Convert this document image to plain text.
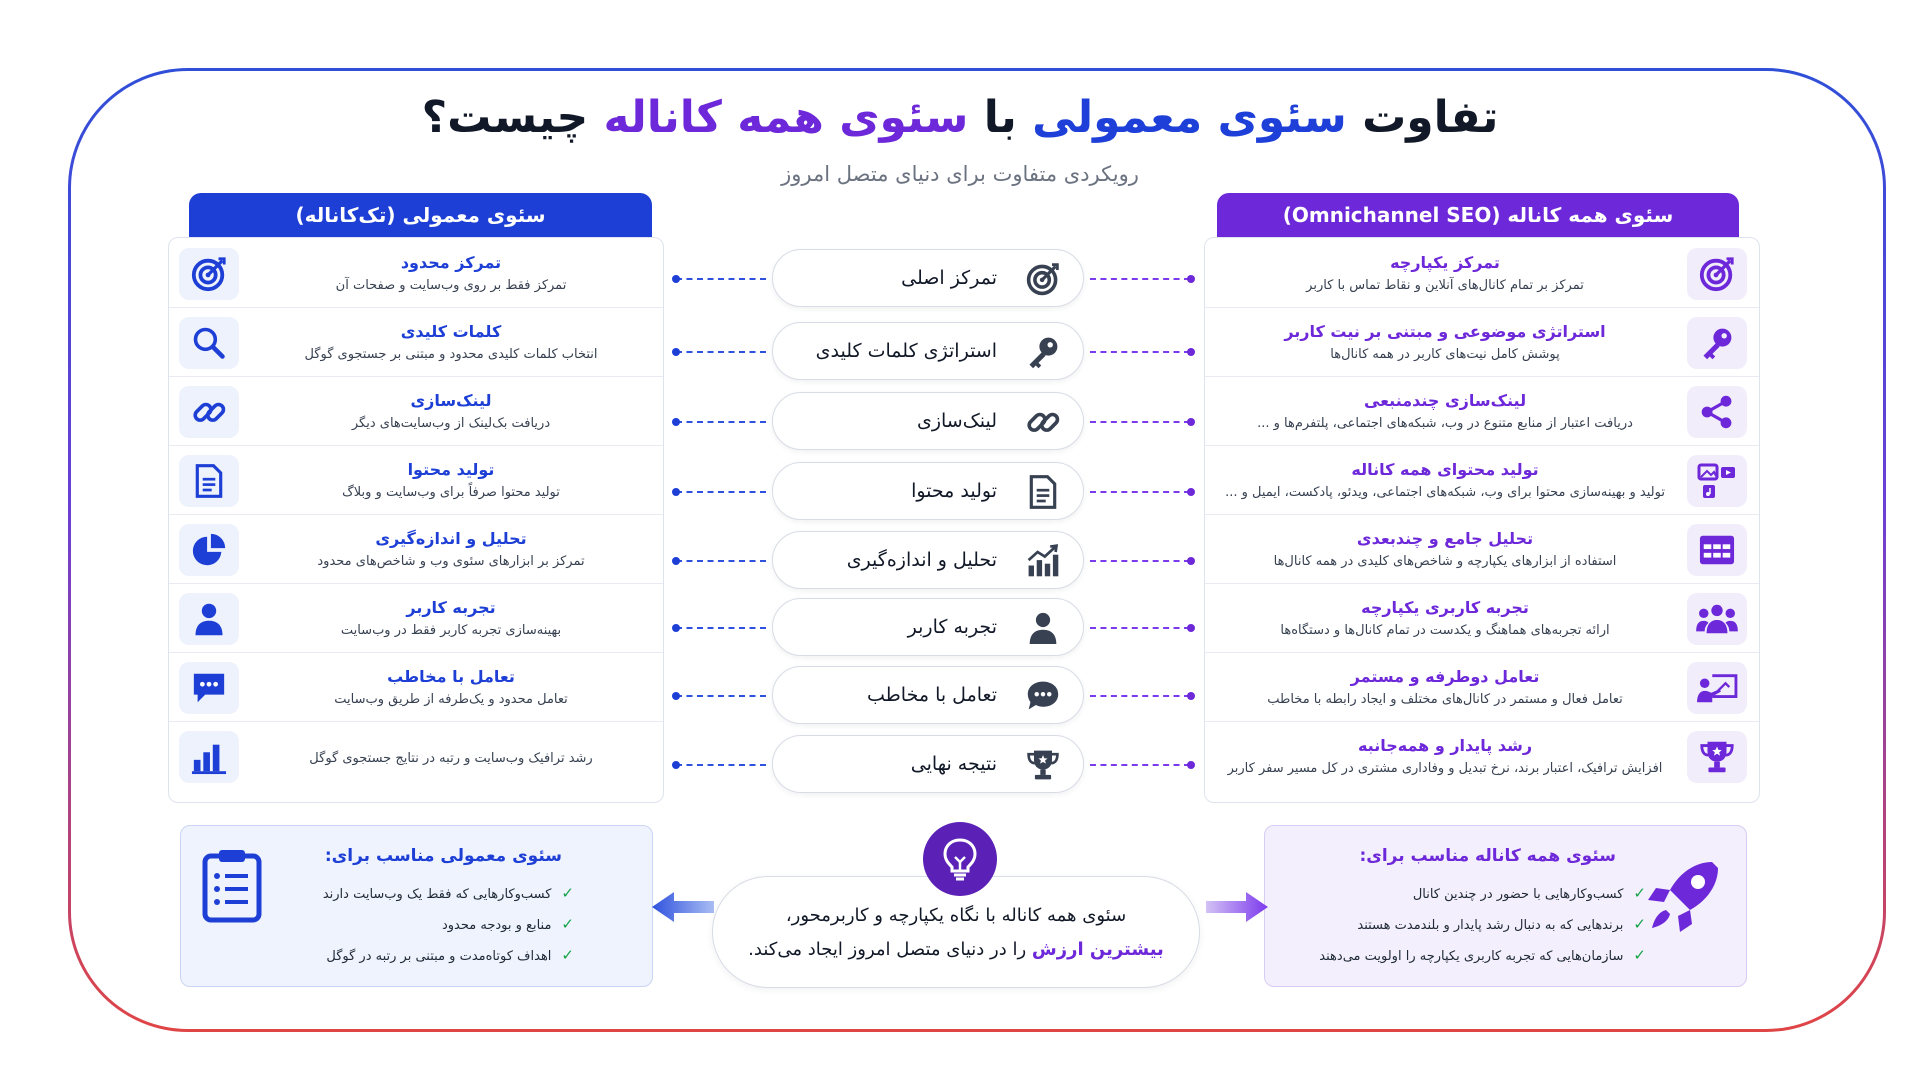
تفاوت سئوی معمولی با سئوی همه کاناله چیست؟
رویکردی متفاوت برای دنیای متصل امروز
سئوی معمولی (تک‌کاناله)	سئوی همه کاناله (Omnichannel SEO)
تمرکز محدود
تمرکز فقط بر روی وب‌سایت و صفحات آن
کلمات کلیدی
انتخاب کلمات کلیدی محدود و مبتنی بر جستجوی گوگل
لینک‌سازی
دریافت بک‌لینک از وب‌سایت‌های دیگر
تولید محتوا
تولید محتوا صرفاً برای وب‌سایت و وبلاگ
تحلیل و اندازه‌گیری
تمرکز بر ابزارهای سئوی وب و شاخص‌های محدود
تجربه کاربر
بهینه‌سازی تجربه کاربر فقط در وب‌سایت
تعامل با مخاطب
تعامل محدود و یک‌طرفه از طریق وب‌سایت
رشد ترافیک وب‌سایت و رتبه در نتایج جستجوی گوگل
تمرکز یکپارچه
تمرکز بر تمام کانال‌های آنلاین و نقاط تماس با کاربر
استراتژی موضوعی و مبتنی بر نیت کاربر
پوشش کامل نیت‌های کاربر در همه کانال‌ها
لینک‌سازی چندمنبعی
دریافت اعتبار از منابع متنوع در وب، شبکه‌های اجتماعی، پلتفرم‌ها و ...
تولید محتوای همه کاناله
تولید و بهینه‌سازی محتوا برای وب، شبکه‌های اجتماعی، ویدئو، پادکست، ایمیل و ...
تحلیل جامع و چندبعدی
استفاده از ابزارهای یکپارچه و شاخص‌های کلیدی در همه کانال‌ها
تجربه کاربری یکپارچه
ارائه تجربه‌های هماهنگ و یکدست در تمام کانال‌ها و دستگاه‌ها
تعامل دوطرفه و مستمر
تعامل فعال و مستمر در کانال‌های مختلف و ایجاد رابطه با مخاطب
رشد پایدار و همه‌جانبه
افزایش ترافیک، اعتبار برند، نرخ تبدیل و وفاداری مشتری در کل مسیر سفر کاربر
تمرکز اصلی
استراتژی کلمات کلیدی
لینک‌سازی
تولید محتوا
تحلیل و اندازه‌گیری
تجربه کاربر
تعامل با مخاطب
نتیجه نهایی
سئوی معمولی مناسب برای:
✓کسب‌وکارهایی که فقط یک وب‌سایت دارند
✓منابع و بودجه محدود
✓اهداف کوتاه‌مدت و مبتنی بر رتبه در گوگل
سئوی همه کاناله مناسب برای:
✓کسب‌وکارهایی با حضور در چندین کانال
✓برندهایی که به دنبال رشد پایدار و بلندمدت هستند
✓سازمان‌هایی که تجربه کاربری یکپارچه را اولویت می‌دهند
سئوی همه کاناله با نگاه یکپارچه و کاربرمحور،
بیشترین ارزش را در دنیای متصل امروز ایجاد می‌کند.
